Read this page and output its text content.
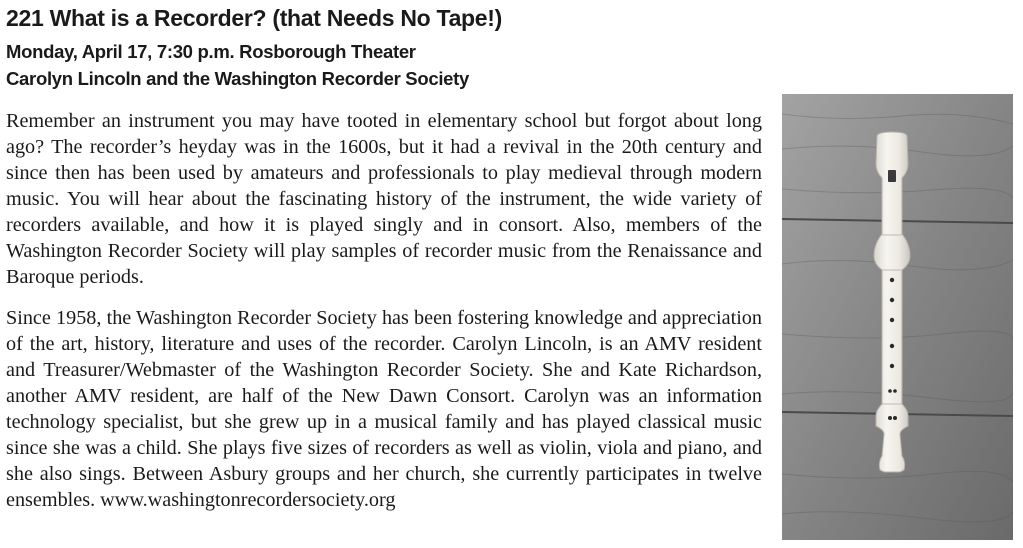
221 What is a Recorder? (that Needs No Tape!)
Monday, April 17, 7:30 p.m. Rosborough Theater
Carolyn Lincoln and the Washington Recorder Society

Remember an instrument you may have tooted in elementary school but forgot about long ago? The recorder’s heyday was in the 1600s, but it had a revival in the 20th century and since then has been used by amateurs and professionals to play medieval through modern music. You will hear about the fascinating history of the instrument, the wide variety of recorders available, and how it is played singly and in consort. Also, members of the Washington Recorder Society will play samples of recorder music from the Renaissance and Baroque periods.

Since 1958, the Washington Recorder Society has been fostering knowledge and appreciation of the art, history, literature and uses of the recorder. Carolyn Lincoln, is an AMV resident and Treasurer/Webmaster of the Washington Recorder Society. She and Kate Richardson, another AMV resident, are half of the New Dawn Consort. Carolyn was an information technology specialist, but she grew up in a musical family and has played classical music since she was a child. She plays five sizes of recorders as well as violin, viola and piano, and she also sings. Between Asbury groups and her church, she currently participates in twelve ensembles. www.washingtonrecordersociety.org
